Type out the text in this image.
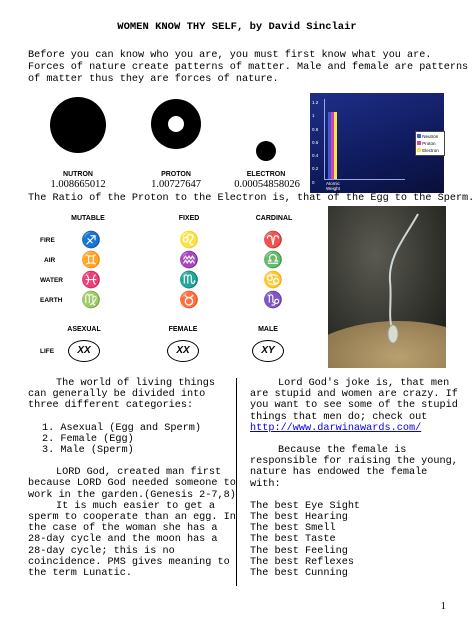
WOMEN KNOW THY SELF, by David Sinclair
Before you can know who you are, you must first know what you are.
Forces of nature create patterns of matter. Male and female are patterns
of matter thus they are forces of nature.
NUTRON
1.008665012
PROTON
1.00727647
ELECTRON
0.00054858026
1.2
1
0.8
0.6
0.4
0.2
0	Atomic
Weight
Neutron
Proton
Electron
The Ratio of the Proton to the Electron is, that of the Egg to the Sperm.
MUTABLE	FIXED	CARDINAL
FIRE	♐	♌	♈
AIR	♊	♒	♎
WATER	♓	♏	♋
EARTH	♍	♉	♑
ASEXUAL	FEMALE	MALE
LIFE	XX	XX	XY
The world of living things
can generally be divided into
three different categories:
1. Asexual (Egg and Sperm)
2. Female (Egg)
3. Male (Sperm)
LORD God, created man first
because LORD God needed someone to
work in the garden.(Genesis 2-7,8)
It is much easier to get a
sperm to cooperate than an egg. In
the case of the woman she has a
28-day cycle and the moon has a
28-day cycle; this is no
coincidence. PMS gives meaning to
the term Lunatic.
Lord God's joke is, that men
are stupid and women are crazy. If
you want to see some of the stupid
things that men do; check out
http://www.darwinawards.com/
Because the female is
responsible for raising the young,
nature has endowed the female
with:
The best Eye Sight
The best Hearing
The best Smell
The best Taste
The best Feeling
The best Reflexes
The best Cunning
1
